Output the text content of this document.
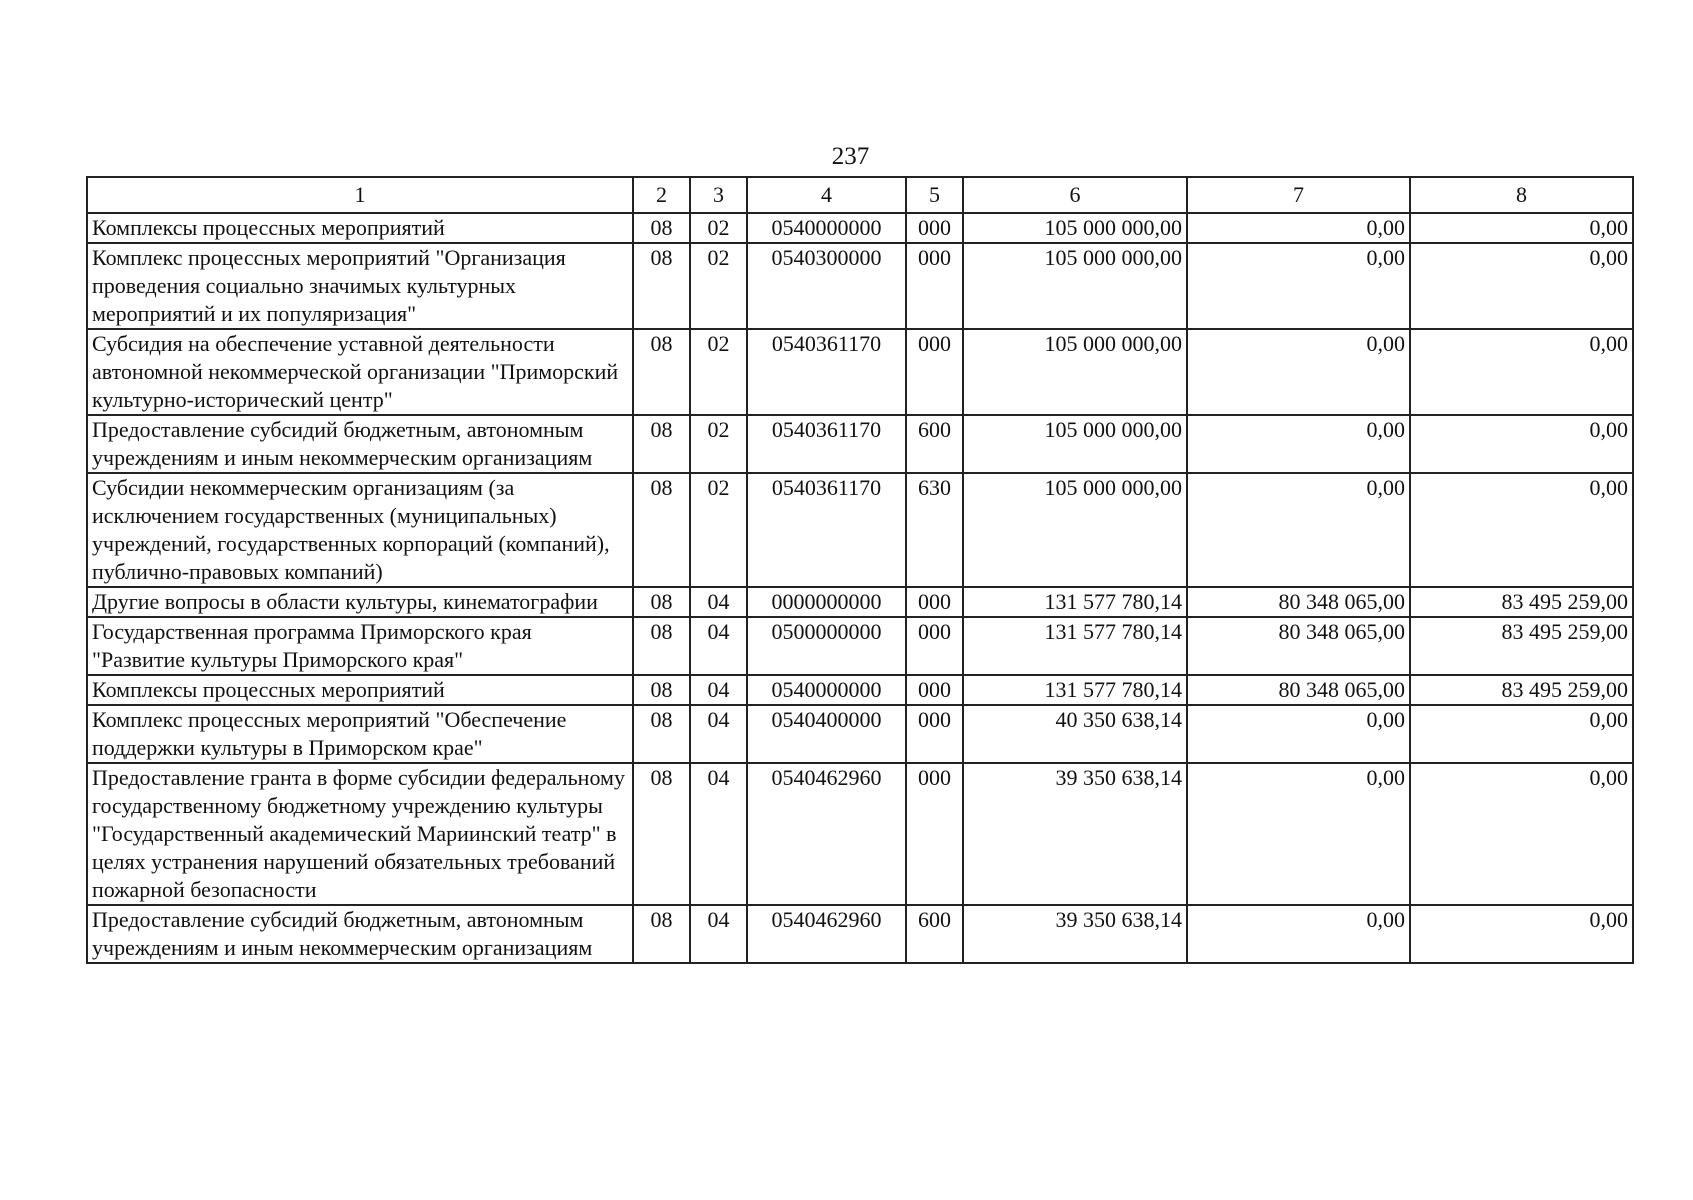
237
1	2	3	4	5	6	7	8
Комплексы процессных мероприятий	08	02	0540000000	000	105 000 000,00	0,00	0,00
Комплекс процессных мероприятий "Организация проведения социально значимых культурных мероприятий и их популяризация"	08	02	0540300000	000	105 000 000,00	0,00	0,00
Субсидия на обеспечение уставной деятельности автономной некоммерческой организации "Приморский культурно-исторический центр"	08	02	0540361170	000	105 000 000,00	0,00	0,00
Предоставление субсидий бюджетным, автономным учреждениям и иным некоммерческим организациям	08	02	0540361170	600	105 000 000,00	0,00	0,00
Субсидии некоммерческим организациям (за исключением государственных (муниципальных) учреждений, государственных корпораций (компаний), публично-правовых компаний)	08	02	0540361170	630	105 000 000,00	0,00	0,00
Другие вопросы в области культуры, кинематографии	08	04	0000000000	000	131 577 780,14	80 348 065,00	83 495 259,00
Государственная программа Приморского края "Развитие культуры Приморского края"	08	04	0500000000	000	131 577 780,14	80 348 065,00	83 495 259,00
Комплексы процессных мероприятий	08	04	0540000000	000	131 577 780,14	80 348 065,00	83 495 259,00
Комплекс процессных мероприятий "Обеспечение поддержки культуры в Приморском крае"	08	04	0540400000	000	40 350 638,14	0,00	0,00
Предоставление гранта в форме субсидии федеральному государственному бюджетному учреждению культуры "Государственный академический Мариинский театр" в целях устранения нарушений обязательных требований пожарной безопасности	08	04	0540462960	000	39 350 638,14	0,00	0,00
Предоставление субсидий бюджетным, автономным учреждениям и иным некоммерческим организациям	08	04	0540462960	600	39 350 638,14	0,00	0,00
